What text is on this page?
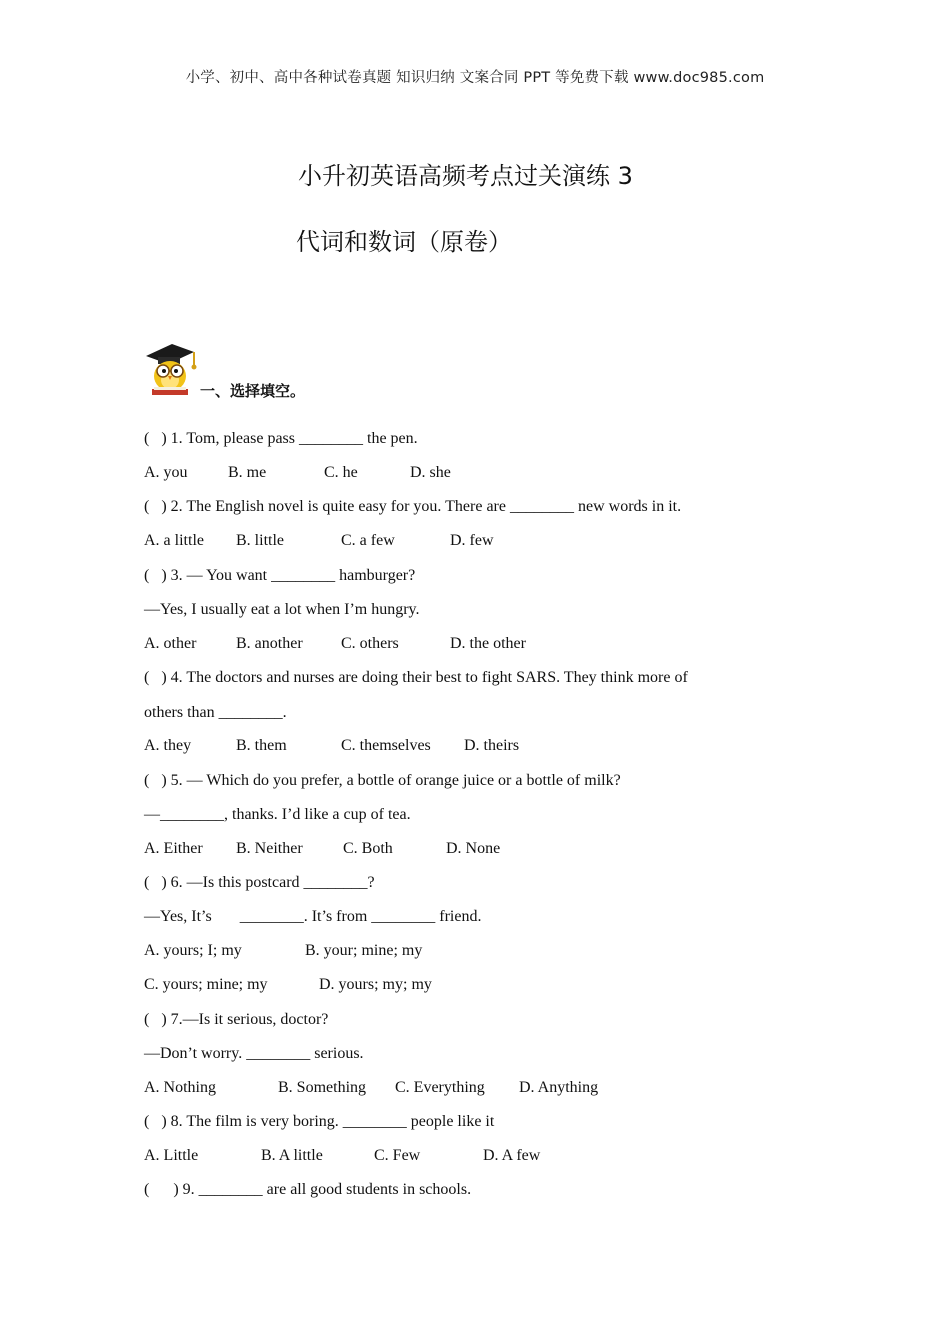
小学、初中、高中各种试卷真题 知识归纳 文案合同 PPT 等免费下载 www.doc985.com
小升初英语高频考点过关演练 3
代词和数词（原卷）
一、选择填空。
(   ) 1. Tom, please pass ________ the pen.
A. you	B. me	C. he	D. she
(   ) 2. The English novel is quite easy for you. There are ________ new words in it.
A. a little B. little	C. a few	D. few
(   ) 3. — You want ________ hamburger?
—Yes, I usually eat a lot when I’m hungry.
A. other B. another C. others	D. the other
(   ) 4. The doctors and nurses are doing their best to fight SARS. They think more of
others than ________.
A. they	B. them	C. themselves D. theirs
(   ) 5. — Which do you prefer, a bottle of orange juice or a bottle of milk?
—________, thanks. I’d like a cup of tea.
A. Either B. Neither	C. Both	D. None
(   ) 6. —Is this postcard ________?
—Yes, It’s       ________. It’s from ________ friend.
A. yours; I; my	B. your; mine; my
C. yours; mine; my	D. yours; my; my
(   ) 7.—Is it serious, doctor?
—Don’t worry. ________ serious.
A. Nothing	B. Something C. Everything D. Anything
(   ) 8. The film is very boring. ________ people like it
A. Little	B. A little	C. Few	D. A few
(      ) 9. ________ are all good students in schools.
